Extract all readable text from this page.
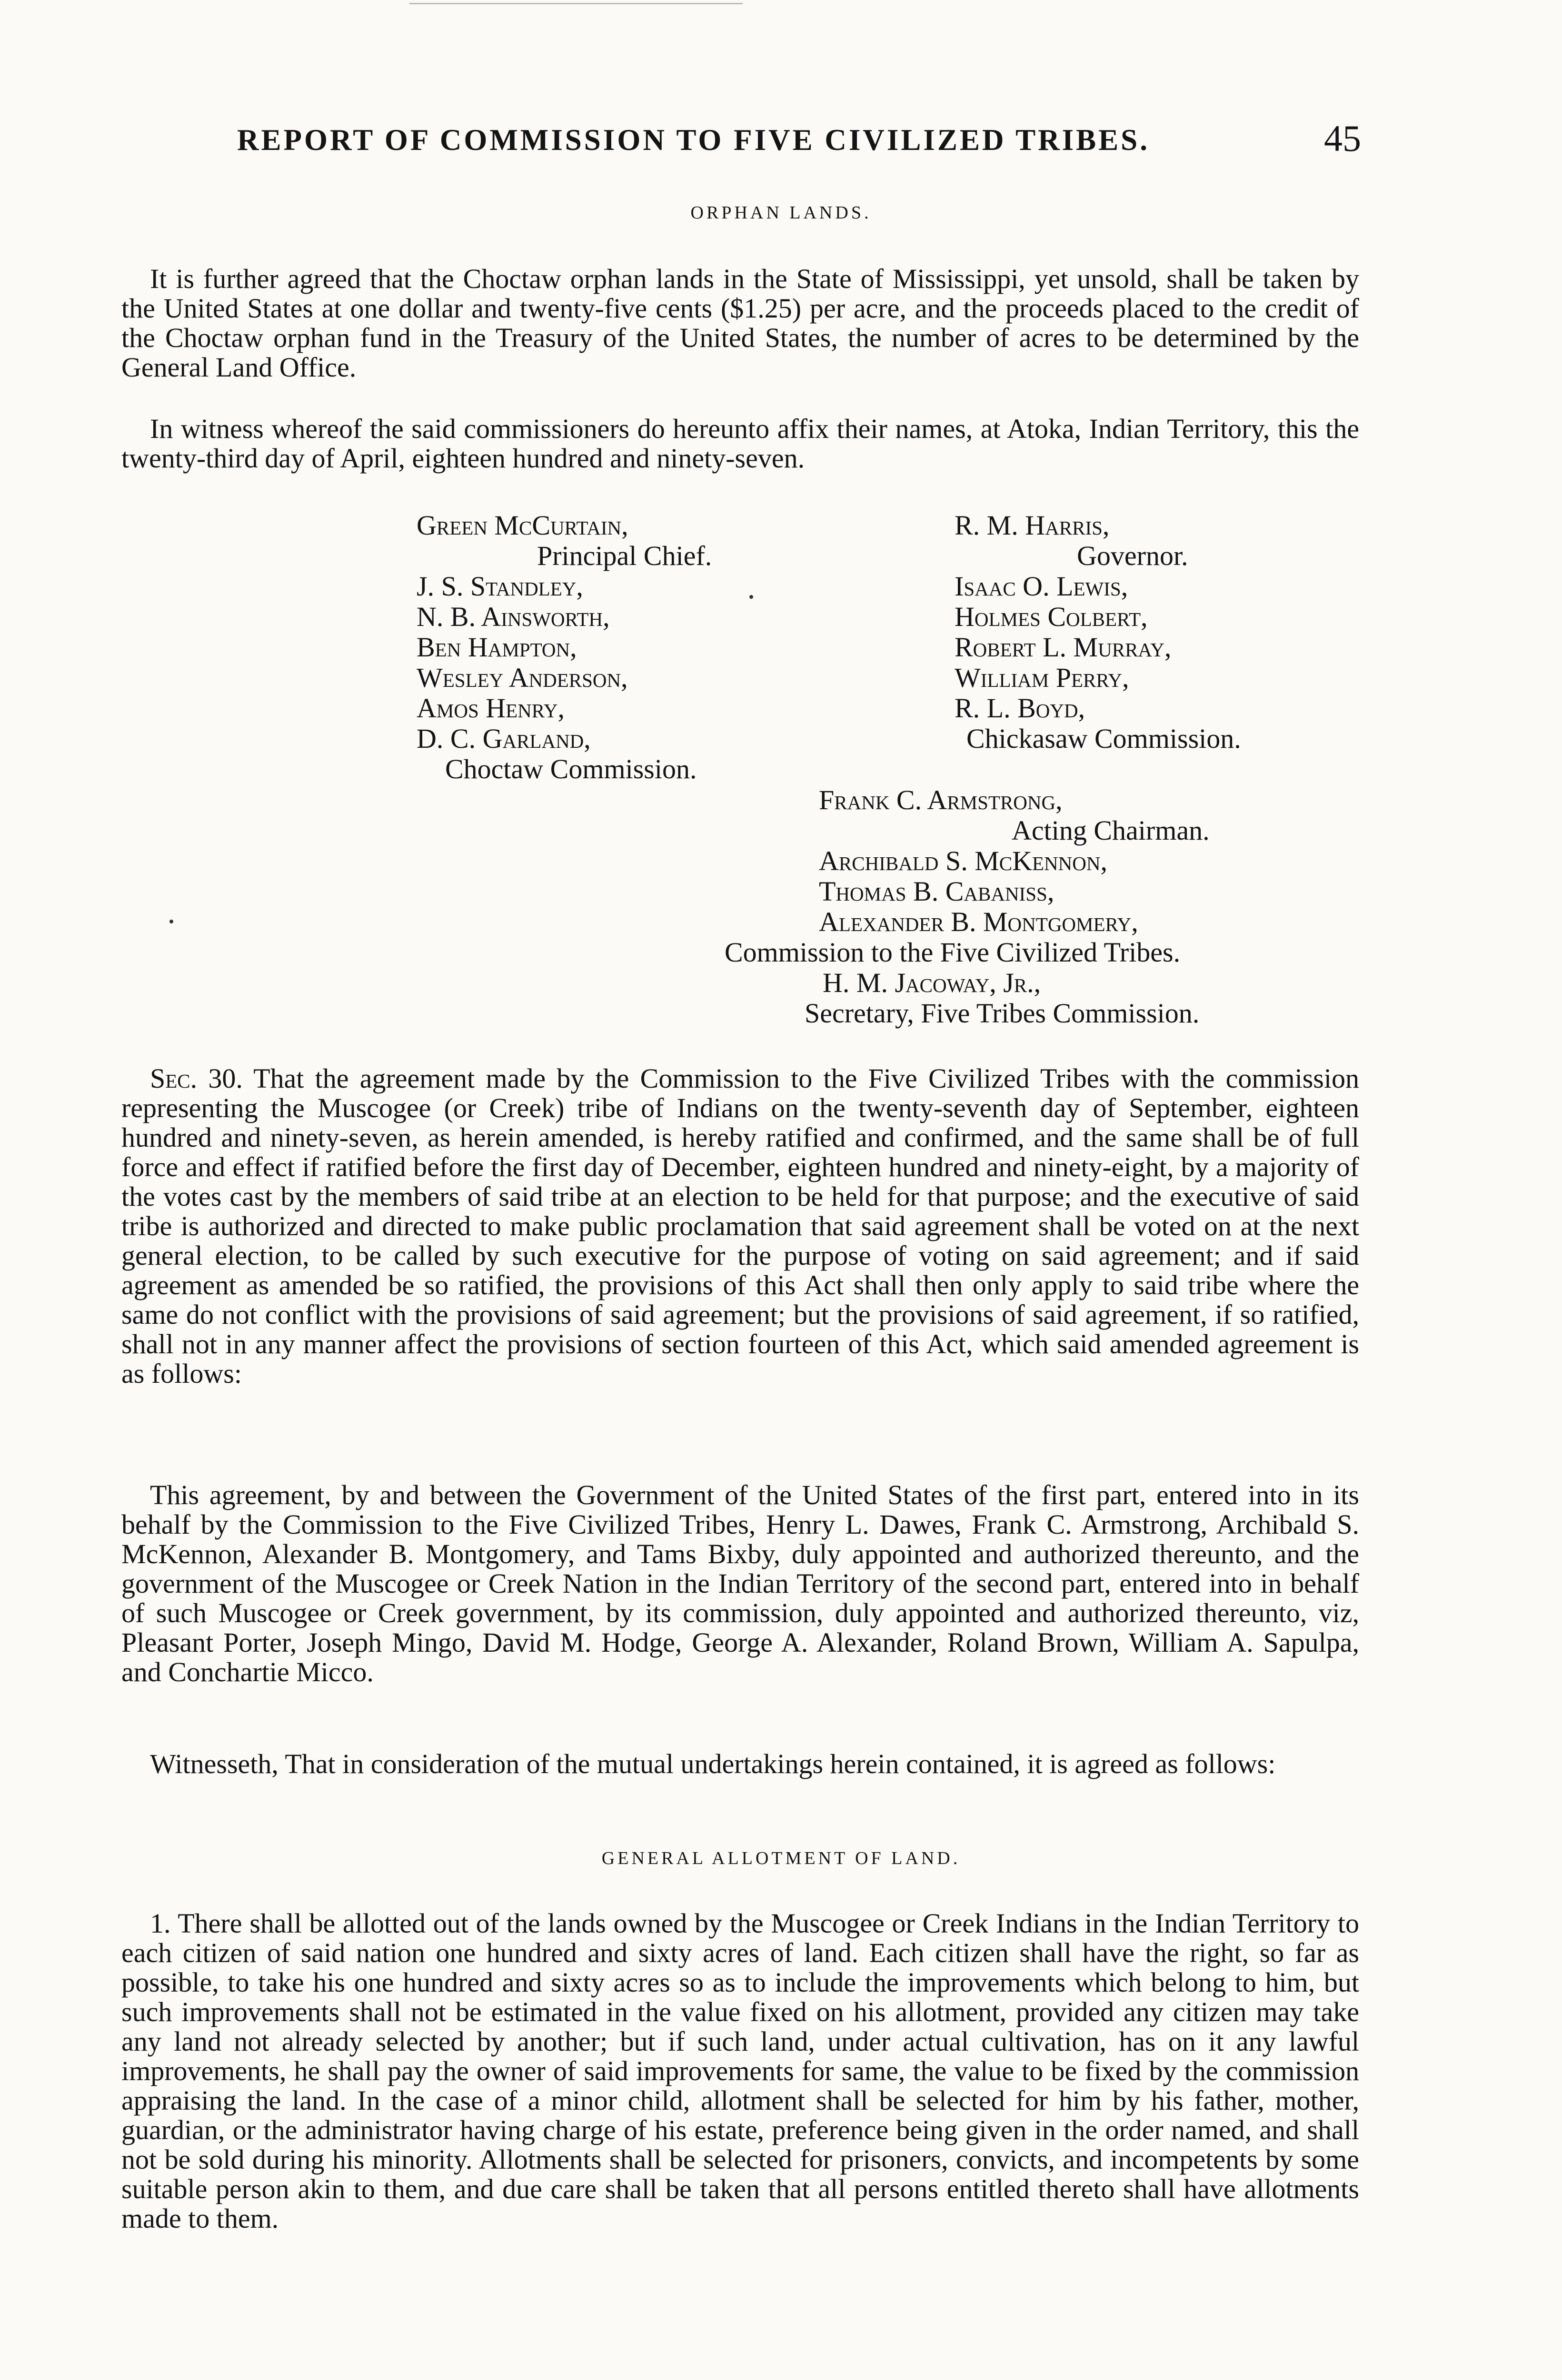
REPORT OF COMMISSION TO FIVE CIVILIZED TRIBES.	45
ORPHAN LANDS.

It is further agreed that the Choctaw orphan lands in the State of Mississippi, yet unsold, shall be taken by the United States at one dollar and twenty-five cents ($1.25) per acre, and the proceeds placed to the credit of the Choctaw orphan fund in the Treasury of the United States, the number of acres to be determined by the General Land Office.

In witness whereof the said commissioners do hereunto affix their names, at Atoka, Indian Territory, this the twenty-third day of April, eighteen hundred and ninety-seven.

Green McCurtain,
Principal Chief.
J. S. Standley,
N. B. Ainsworth,
Ben Hampton,
Wesley Anderson,
Amos Henry,
D. C. Garland,
Choctaw Commission.
R. M. Harris,
Governor.
Isaac O. Lewis,
Holmes Colbert,
Robert L. Murray,
William Perry,
R. L. Boyd,
Chickasaw Commission.
Frank C. Armstrong,
Acting Chairman.
Archibald S. McKennon,
Thomas B. Cabaniss,
Alexander B. Montgomery,
Commission to the Five Civilized Tribes.
H. M. Jacoway, Jr.,
Secretary, Five Tribes Commission.

Sec. 30. That the agreement made by the Commission to the Five Civilized Tribes with the commission representing the Muscogee (or Creek) tribe of Indians on the twenty-seventh day of September, eighteen hundred and ninety-seven, as herein amended, is hereby ratified and confirmed, and the same shall be of full force and effect if ratified before the first day of December, eighteen hundred and ninety-eight, by a majority of the votes cast by the members of said tribe at an election to be held for that purpose; and the executive of said tribe is authorized and directed to make public proclamation that said agreement shall be voted on at the next general election, to be called by such executive for the purpose of voting on said agreement; and if said agreement as amended be so ratified, the provisions of this Act shall then only apply to said tribe where the same do not conflict with the provisions of said agreement; but the provisions of said agreement, if so ratified, shall not in any manner affect the provisions of section fourteen of this Act, which said amended agreement is as follows:

This agreement, by and between the Government of the United States of the first part, entered into in its behalf by the Commission to the Five Civilized Tribes, Henry L. Dawes, Frank C. Armstrong, Archibald S. McKennon, Alexander B. Montgomery, and Tams Bixby, duly appointed and authorized thereunto, and the government of the Muscogee or Creek Nation in the Indian Territory of the second part, entered into in behalf of such Muscogee or Creek government, by its commission, duly appointed and authorized thereunto, viz, Pleasant Porter, Joseph Mingo, David M. Hodge, George A. Alexander, Roland Brown, William A. Sapulpa, and Conchartie Micco.

Witnesseth, That in consideration of the mutual undertakings herein contained, it is agreed as follows:

GENERAL ALLOTMENT OF LAND.

1. There shall be allotted out of the lands owned by the Muscogee or Creek Indians in the Indian Territory to each citizen of said nation one hundred and sixty acres of land. Each citizen shall have the right, so far as possible, to take his one hundred and sixty acres so as to include the improvements which belong to him, but such improvements shall not be estimated in the value fixed on his allotment, provided any citizen may take any land not already selected by another; but if such land, under actual cultivation, has on it any lawful improvements, he shall pay the owner of said improvements for same, the value to be fixed by the commission appraising the land. In the case of a minor child, allotment shall be selected for him by his father, mother, guardian, or the administrator having charge of his estate, preference being given in the order named, and shall not be sold during his minority. Allotments shall be selected for prisoners, convicts, and incompetents by some suitable person akin to them, and due care shall be taken that all persons entitled thereto shall have allotments made to them.
